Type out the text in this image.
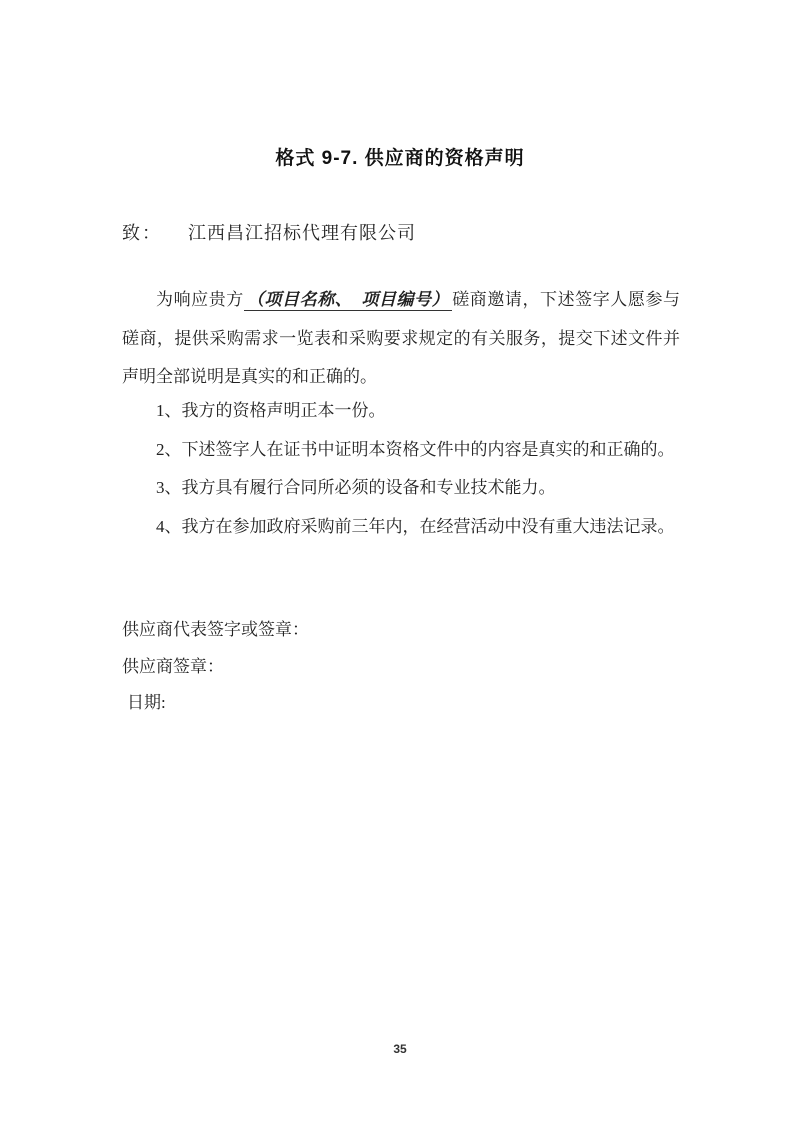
格式 9-7. 供应商的资格声明
致： 江西昌江招标代理有限公司
为响应贵方 （项目名称、　项目编号） 磋商邀请，下述签字人愿参与磋商，提供采购需求一览表和采购要求规定的有关服务，提交下述文件并声明全部说明是真实的和正确的。
1、我方的资格声明正本一份。
2、下述签字人在证书中证明本资格文件中的内容是真实的和正确的。
3、我方具有履行合同所必须的设备和专业技术能力。
4、我方在参加政府采购前三年内，在经营活动中没有重大违法记录。
供应商代表签字或签章：
供应商签章：
日期:
35
